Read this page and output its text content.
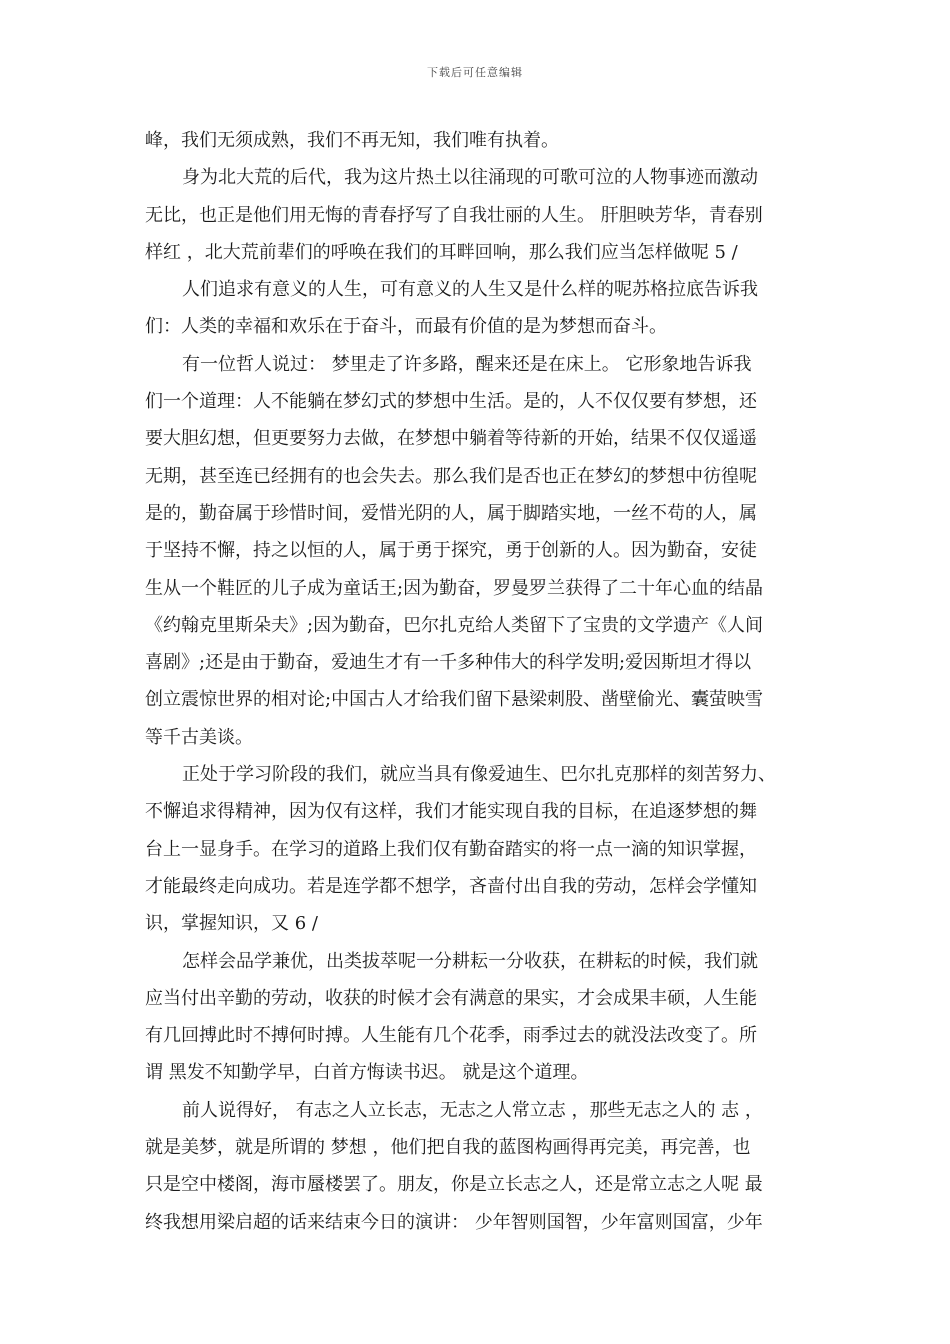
下载后可任意编辑
峰，我们无须成熟，我们不再无知，我们唯有执着。
身为北大荒的后代，我为这片热土以往涌现的可歌可泣的人物事迹而激动
无比，也正是他们用无悔的青春抒写了自我壮丽的人生。 肝胆映芳华，青春别
样红 ，北大荒前辈们的呼唤在我们的耳畔回响，那么我们应当怎样做呢 5 /
人们追求有意义的人生，可有意义的人生又是什么样的呢苏格拉底告诉我
们：人类的幸福和欢乐在于奋斗，而最有价值的是为梦想而奋斗。
有一位哲人说过： 梦里走了许多路，醒来还是在床上。 它形象地告诉我
们一个道理：人不能躺在梦幻式的梦想中生活。是的，人不仅仅要有梦想，还
要大胆幻想，但更要努力去做，在梦想中躺着等待新的开始，结果不仅仅遥遥
无期，甚至连已经拥有的也会失去。那么我们是否也正在梦幻的梦想中彷徨呢
是的，勤奋属于珍惜时间，爱惜光阴的人，属于脚踏实地，一丝不苟的人，属
于坚持不懈，持之以恒的人，属于勇于探究，勇于创新的人。因为勤奋，安徒
生从一个鞋匠的儿子成为童话王;因为勤奋，罗曼罗兰获得了二十年心血的结晶
《约翰克里斯朵夫》;因为勤奋，巴尔扎克给人类留下了宝贵的文学遗产《人间
喜剧》;还是由于勤奋，爱迪生才有一千多种伟大的科学发明;爱因斯坦才得以
创立震惊世界的相对论;中国古人才给我们留下悬梁刺股、凿壁偷光、囊萤映雪
等千古美谈。
正处于学习阶段的我们，就应当具有像爱迪生、巴尔扎克那样的刻苦努力、
不懈追求得精神，因为仅有这样，我们才能实现自我的目标，在追逐梦想的舞
台上一显身手。在学习的道路上我们仅有勤奋踏实的将一点一滴的知识掌握，
才能最终走向成功。若是连学都不想学，吝啬付出自我的劳动，怎样会学懂知
识，掌握知识，又 6 /
怎样会品学兼优，出类拔萃呢一分耕耘一分收获，在耕耘的时候，我们就
应当付出辛勤的劳动，收获的时候才会有满意的果实，才会成果丰硕，人生能
有几回搏此时不搏何时搏。人生能有几个花季，雨季过去的就没法改变了。所
谓 黑发不知勤学早，白首方悔读书迟。 就是这个道理。
前人说得好， 有志之人立长志，无志之人常立志 ，那些无志之人的 志 ，
就是美梦，就是所谓的 梦想 ，他们把自我的蓝图构画得再完美，再完善，也
只是空中楼阁，海市蜃楼罢了。朋友，你是立长志之人，还是常立志之人呢 最
终我想用梁启超的话来结束今日的演讲： 少年智则国智，少年富则国富，少年
